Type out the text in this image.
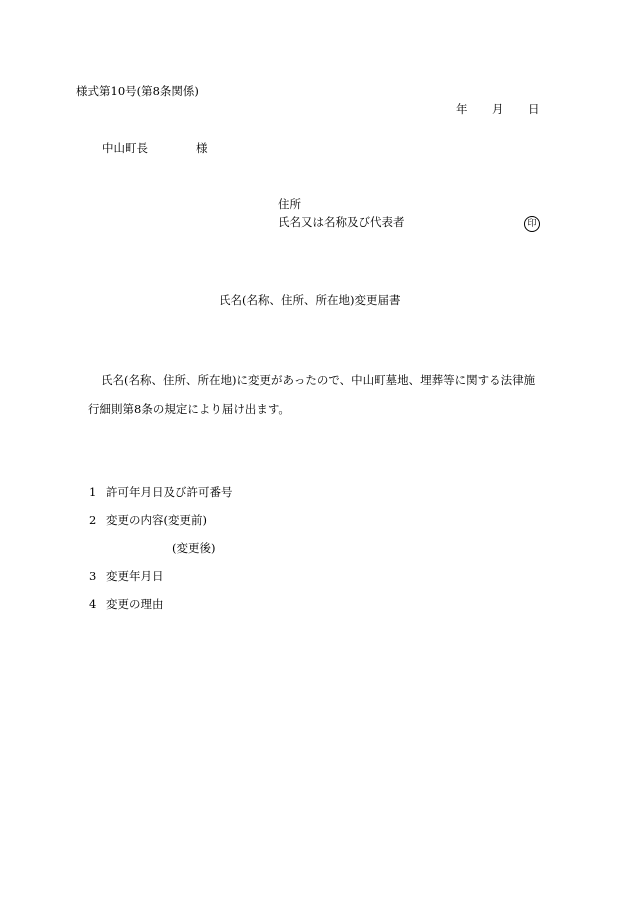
様式第10号(第8条関係)
年 月 日
中山町長	様
住所
氏名又は名称及び代表者	印
氏名(名称、住所、所在地)変更届書
氏名(名称、住所、所在地)に変更があったので、中山町墓地、埋葬等に関する法律施
行細則第8条の規定により届け出ます。
1 許可年月日及び許可番号
2 変更の内容(変更前)
(変更後)
3 変更年月日
4 変更の理由
